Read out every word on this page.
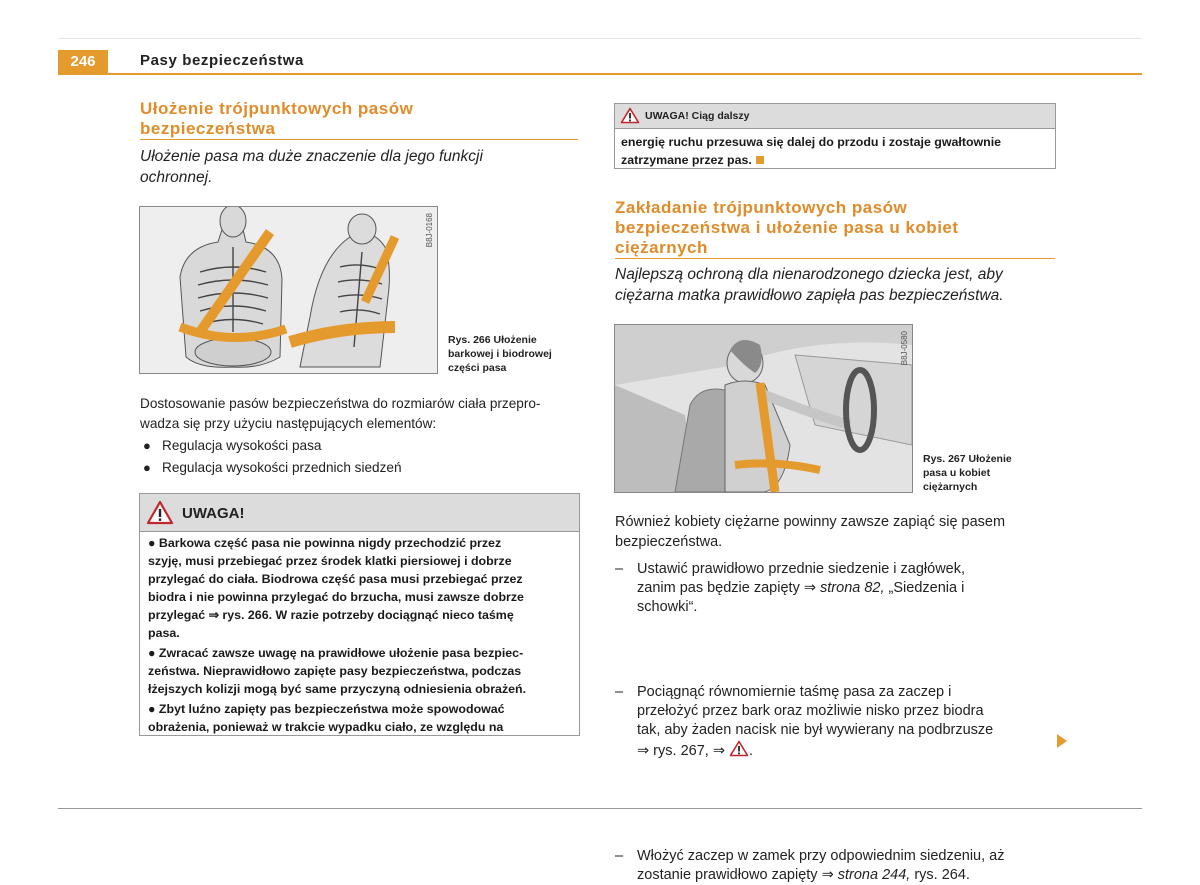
246	Pasy bezpieczeństwa
Ułożenie trójpunktowych pasów bezpieczeństwa
Ułożenie pasa ma duże znaczenie dla jego funkcji ochronnej.
B8J-0168
Rys. 266 Ułożenie
barkowej i biodrowej
części pasa
Dostosowanie pasów bezpieczeństwa do rozmiarów ciała przepro-
wadza się przy użyciu następujących elementów:
● Regulacja wysokości pasa
● Regulacja wysokości przednich siedzeń
UWAGA!
● Barkowa część pasa nie powinna nigdy przechodzić przez
szyję, musi przebiegać przez środek klatki piersiowej i dobrze
przylegać do ciała. Biodrowa część pasa musi przebiegać przez
biodra i nie powinna przylegać do brzucha, musi zawsze dobrze
przylegać ⇒ rys. 266. W razie potrzeby dociągnąć nieco taśmę
pasa.
● Zwracać zawsze uwagę na prawidłowe ułożenie pasa bezpiec-
zeństwa. Nieprawidłowo zapięte pasy bezpieczeństwa, podczas
łżejszych kolizji mogą być same przyczyną odniesienia obrażeń.
● Zbyt luźno zapięty pas bezpieczeństwa może spowodować
obrażenia, ponieważ w trakcie wypadku ciało, ze względu na
UWAGA! Ciąg dalszy
energię ruchu przesuwa się dalej do przodu i zostaje gwałtownie
zatrzymane przez pas.
Zakładanie trójpunktowych pasów
bezpieczeństwa i ułożenie pasa u kobiet
ciężarnych
Najlepszą ochroną dla nienarodzonego dziecka jest, aby
ciężarna matka prawidłowo zapięła pas bezpieczeństwa.
B8J-0580
Rys. 267 Ułożenie
pasa u kobiet
ciężarnych
Również kobiety ciężarne powinny zawsze zapiąć się pasem
bezpieczeństwa.
– Ustawić prawidłowo przednie siedzenie i zagłówek,
zanim pas będzie zapięty ⇒ strona 82, „Siedzenia i
schowki“.
– Pociągnąć równomiernie taśmę pasa za zaczep i
przełożyć przez bark oraz możliwie nisko przez biodra
tak, aby żaden nacisk nie był wywierany na podbrzusze
⇒ rys. 267, ⇒ .
– Włożyć zaczep w zamek przy odpowiednim siedzeniu, aż
zostanie prawidłowo zapięty ⇒ strona 244, rys. 264.
